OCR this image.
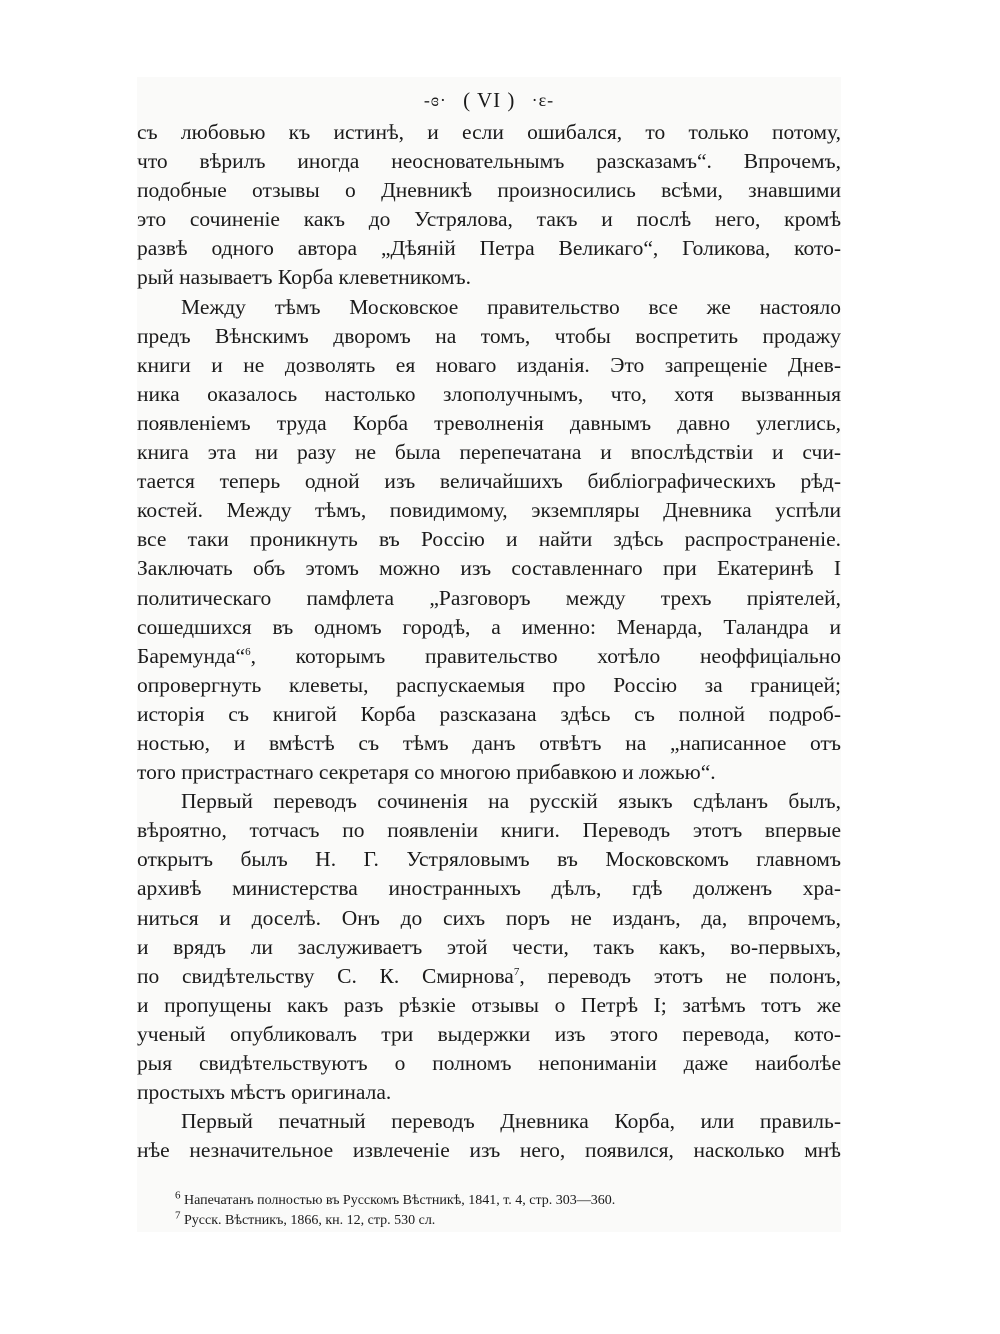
-ɞ· ( VI ) ·ɛ-
съ любовью къ истинѣ, и если ошибался, то только потому,
что вѣрилъ иногда неосновательнымъ разсказамъ“. Впрочемъ,
подобные отзывы о Дневникѣ произносились всѣми, знавшими
это сочиненіе какъ до Устрялова, такъ и послѣ него, кромѣ
развѣ одного автора „Дѣяній Петра Великаго“, Голикова, кото-
рый называетъ Корба клеветникомъ.
Между тѣмъ Московское правительство все же настояло
предъ Вѣнскимъ дворомъ на томъ, чтобы воспретить продажу
книги и не дозволять ея новаго изданія. Это запрещеніе Днев-
ника оказалось настолько злополучнымъ, что, хотя вызванныя
появленіемъ труда Корба треволненія давнымъ давно улеглись,
книга эта ни разу не была перепечатана и впослѣдствіи и счи-
тается теперь одной изъ величайшихъ библіографическихъ рѣд-
костей. Между тѣмъ, повидимому, экземпляры Дневника успѣли
все таки проникнуть въ Россію и найти здѣсь распространеніе.
Заключать объ этомъ можно изъ составленнаго при Екатеринѣ I
политическаго памфлета „Разговоръ между трехъ пріятелей,
сошедшихся въ одномъ городѣ, а именно: Менарда, Таландра и
Баремунда“$^6$, которымъ правительство хотѣло неоффиціально
опровергнуть клеветы, распускаемыя про Россію за границей;
исторія съ книгой Корба разсказана здѣсь съ полной подроб-
ностью, и вмѣстѣ съ тѣмъ данъ отвѣтъ на „написанное отъ
того пристрастнаго секретаря со многою прибавкою и ложью“.
Первый переводъ сочиненія на русскій языкъ сдѣланъ былъ,
вѣроятно, тотчасъ по появленіи книги. Переводъ этотъ впервые
открытъ былъ Н. Г. Устряловымъ въ Московскомъ главномъ
архивѣ министерства иностранныхъ дѣлъ, гдѣ долженъ хра-
ниться и доселѣ. Онъ до сихъ поръ не изданъ, да, впрочемъ,
и врядъ ли заслуживаетъ этой чести, такъ какъ, во-первыхъ,
по свидѣтельству С. К. Смирнова$^7$, переводъ этотъ не полонъ,
и пропущены какъ разъ рѣзкіе отзывы о Петрѣ I; затѣмъ тотъ же
ученый опубликовалъ три выдержки изъ этого перевода, кото-
рыя свидѣтельствуютъ о полномъ непониманіи даже наиболѣе
простыхъ мѣстъ оригинала.
Первый печатный переводъ Дневника Корба, или правиль-
нѣе незначительное извлеченіе изъ него, появился, насколько мнѣ
$^6$ Напечатанъ полностью въ Русскомъ Вѣстникѣ, 1841, т. 4, стр. 303—360.
$^7$ Русск. Вѣстникъ, 1866, кн. 12, стр. 530 сл.
